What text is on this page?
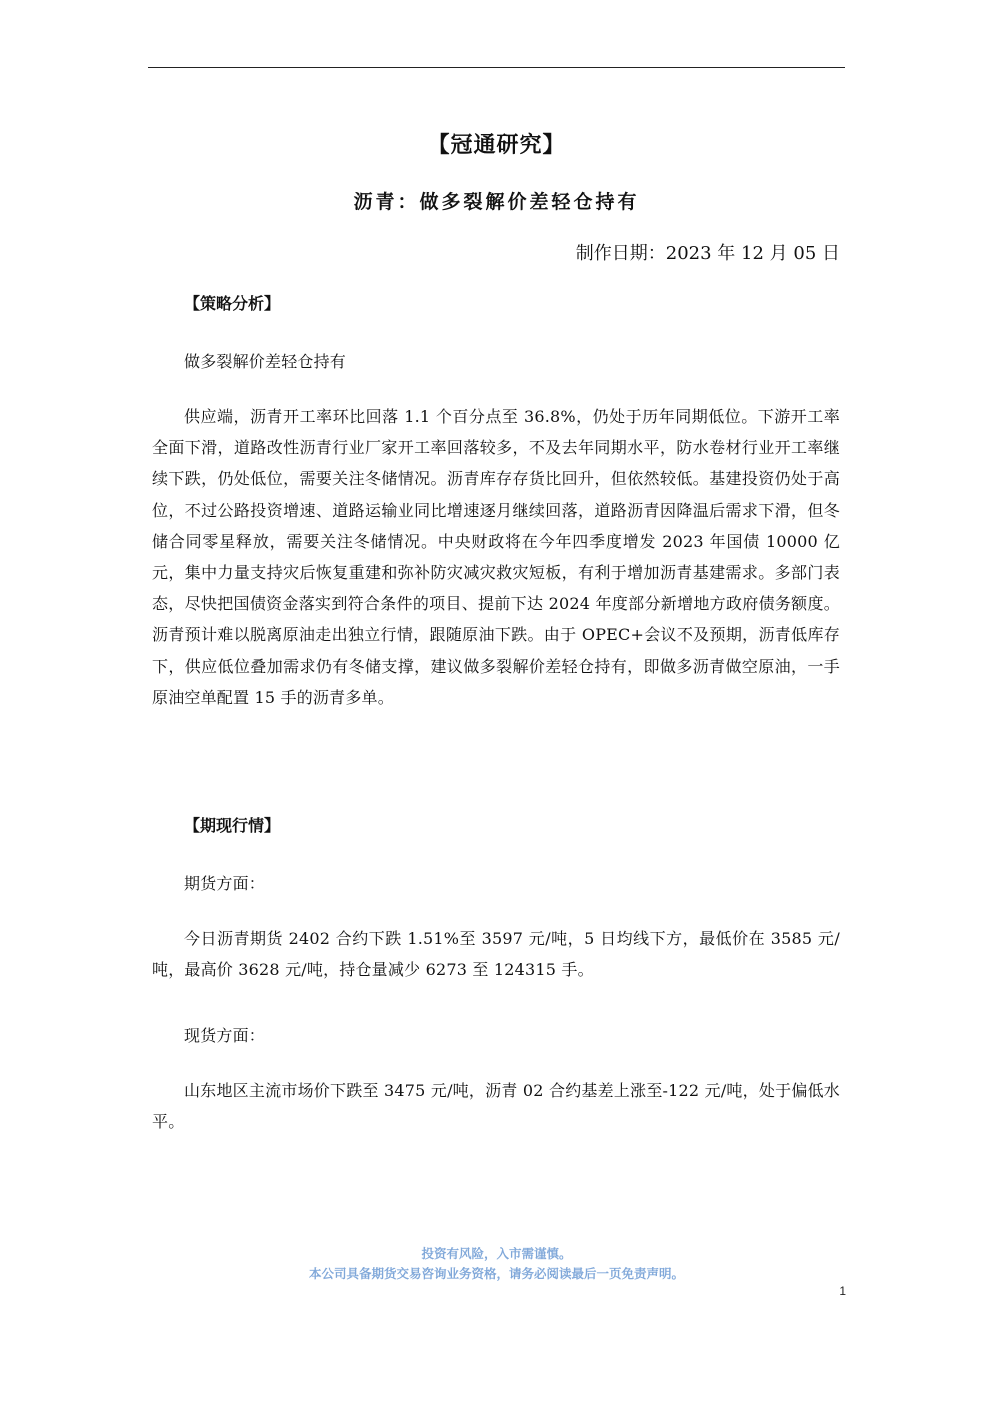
【冠通研究】
沥青：做多裂解价差轻仓持有
制作日期：2023 年 12 月 05 日
【策略分析】
做多裂解价差轻仓持有
供应端，沥青开工率环比回落 1.1 个百分点至 36.8%，仍处于历年同期低位。下游开工率全面下滑，道路改性沥青行业厂家开工率回落较多，不及去年同期水平，防水卷材行业开工率继续下跌，仍处低位，需要关注冬储情况。沥青库存存货比回升，但依然较低。基建投资仍处于高位，不过公路投资增速、道路运输业同比增速逐月继续回落，道路沥青因降温后需求下滑，但冬储合同零星释放，需要关注冬储情况。中央财政将在今年四季度增发 2023 年国债 10000 亿元，集中力量支持灾后恢复重建和弥补防灾减灾救灾短板，有利于增加沥青基建需求。多部门表态，尽快把国债资金落实到符合条件的项目、提前下达 2024 年度部分新增地方政府债务额度。沥青预计难以脱离原油走出独立行情，跟随原油下跌。由于 OPEC+会议不及预期，沥青低库存下，供应低位叠加需求仍有冬储支撑，建议做多裂解价差轻仓持有，即做多沥青做空原油，一手原油空单配置 15 手的沥青多单。
【期现行情】
期货方面：
今日沥青期货 2402 合约下跌 1.51%至 3597 元/吨，5 日均线下方，最低价在 3585 元/吨，最高价 3628 元/吨，持仓量减少 6273 至 124315 手。
现货方面：
山东地区主流市场价下跌至 3475 元/吨，沥青 02 合约基差上涨至-122 元/吨，处于偏低水平。
投资有风险，入市需谨慎。
本公司具备期货交易咨询业务资格，请务必阅读最后一页免责声明。
1
